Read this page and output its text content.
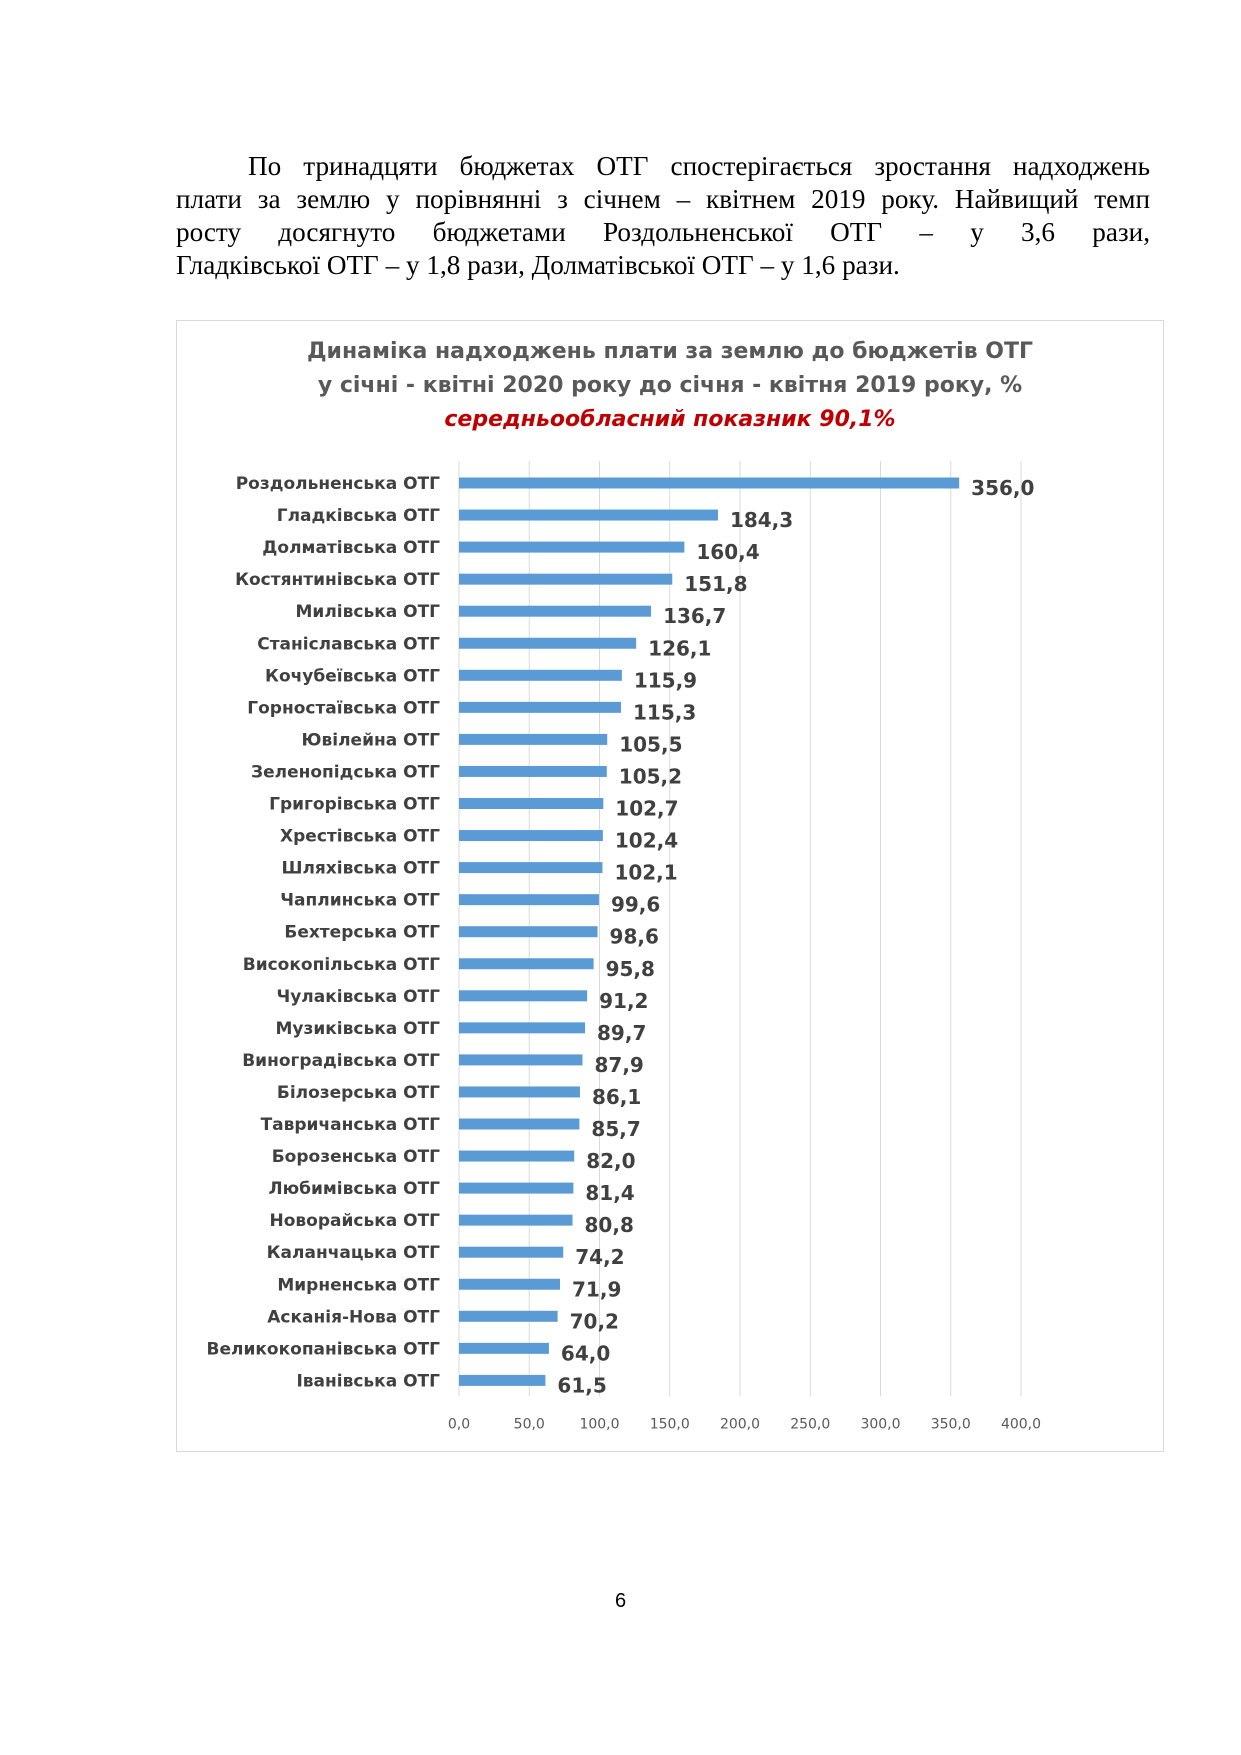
По тринадцяти бюджетах ОТГ спостерігається зростання надходжень
плати за землю у порівнянні з січнем – квітнем 2019 року. Найвищий темп
росту досягнуто бюджетами Роздольненської ОТГ – у 3,6 рази,
Гладківської ОТГ – у 1,8 рази, Долматівської ОТГ – у 1,6 рази.
Динаміка надходжень плати за землю до бюджетів ОТГ
у січні - квітні 2020 року до січня - квітня 2019 року, %
середньообласний показник 90,1%
0,0	50,0 100,0 150,0 200,0 250,0 300,0 350,0 400,0
Роздольненська ОТГ	356,0
Гладківська ОТГ	184,3
Долматівська ОТГ	160,4
Костянтинівська ОТГ	151,8
Милівська ОТГ	136,7
Станіславська ОТГ	126,1
Кочубеївська ОТГ	115,9
Горностаївська ОТГ	115,3
Ювілейна ОТГ	105,5
Зеленопідська ОТГ	105,2
Григорівська ОТГ	102,7
Хрестівська ОТГ	102,4
Шляхівська ОТГ	102,1
Чаплинська ОТГ	99,6
Бехтерська ОТГ	98,6
Високопільська ОТГ	95,8
Чулаківська ОТГ	91,2
Музиківська ОТГ	89,7
Виноградівська ОТГ	87,9
Білозерська ОТГ	86,1
Тавричанська ОТГ	85,7
Борозенська ОТГ	82,0
Любимівська ОТГ	81,4
Новорайська ОТГ	80,8
Каланчацька ОТГ	74,2
Мирненська ОТГ	71,9
Асканія-Нова ОТГ	70,2
Великокопанівська ОТГ	64,0
Іванівська ОТГ	61,5
6
